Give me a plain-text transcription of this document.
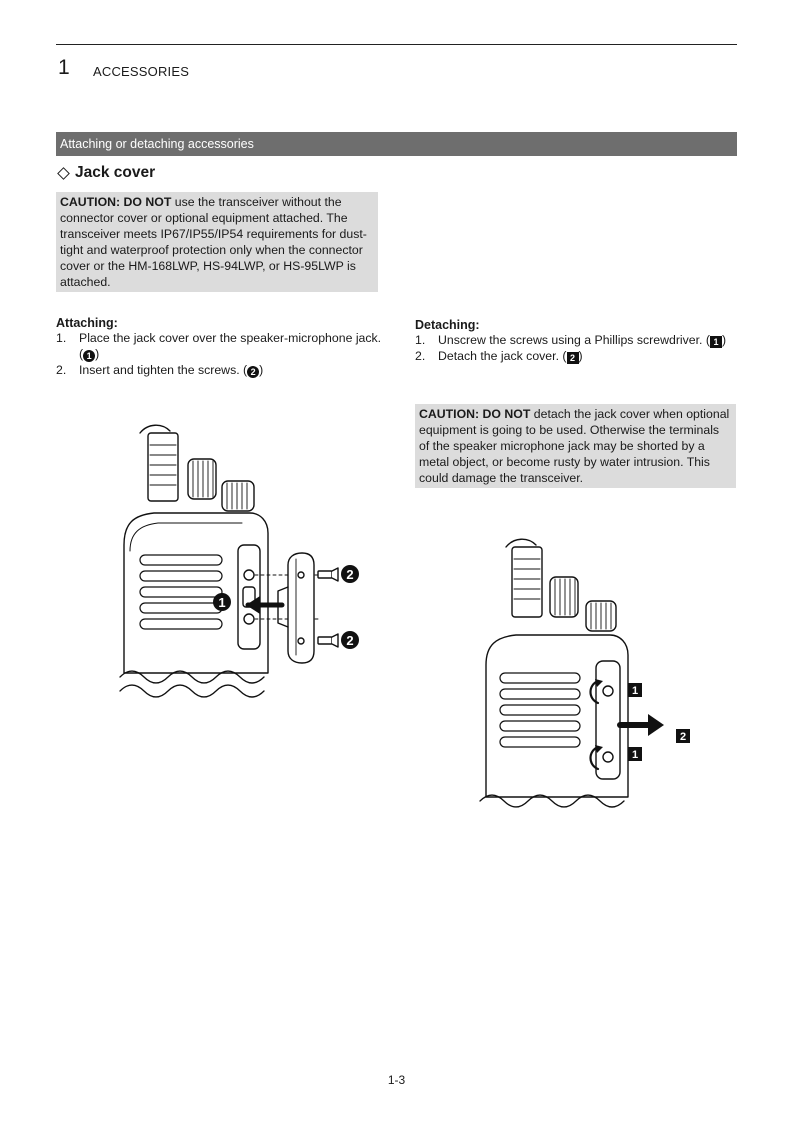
1 ACCESSORIES
Attaching or detaching accessories
Jack cover
CAUTION: DO NOT use the transceiver without the connector cover or optional equipment attached. The transceiver meets IP67/IP55/IP54 requirements for dust-tight and waterproof protection only when the connector cover or the HM-168LWP, HS-94LWP, or HS-95LWP is attached.
Attaching:
1. Place the jack cover over the speaker-microphone jack. ( 1 )
2. Insert and tighten the screws. ( 2 )
Detaching:
1. Unscrew the screws using a Phillips screwdriver. ( 1 )
2. Detach the jack cover. ( 2 )
CAUTION: DO NOT detach the jack cover when optional equipment is going to be used. Otherwise the terminals of the speaker microphone jack may be shorted by a metal object, or become rusty by water intrusion. This could damage the transceiver.
1
2
2
1
2
1
1-3
